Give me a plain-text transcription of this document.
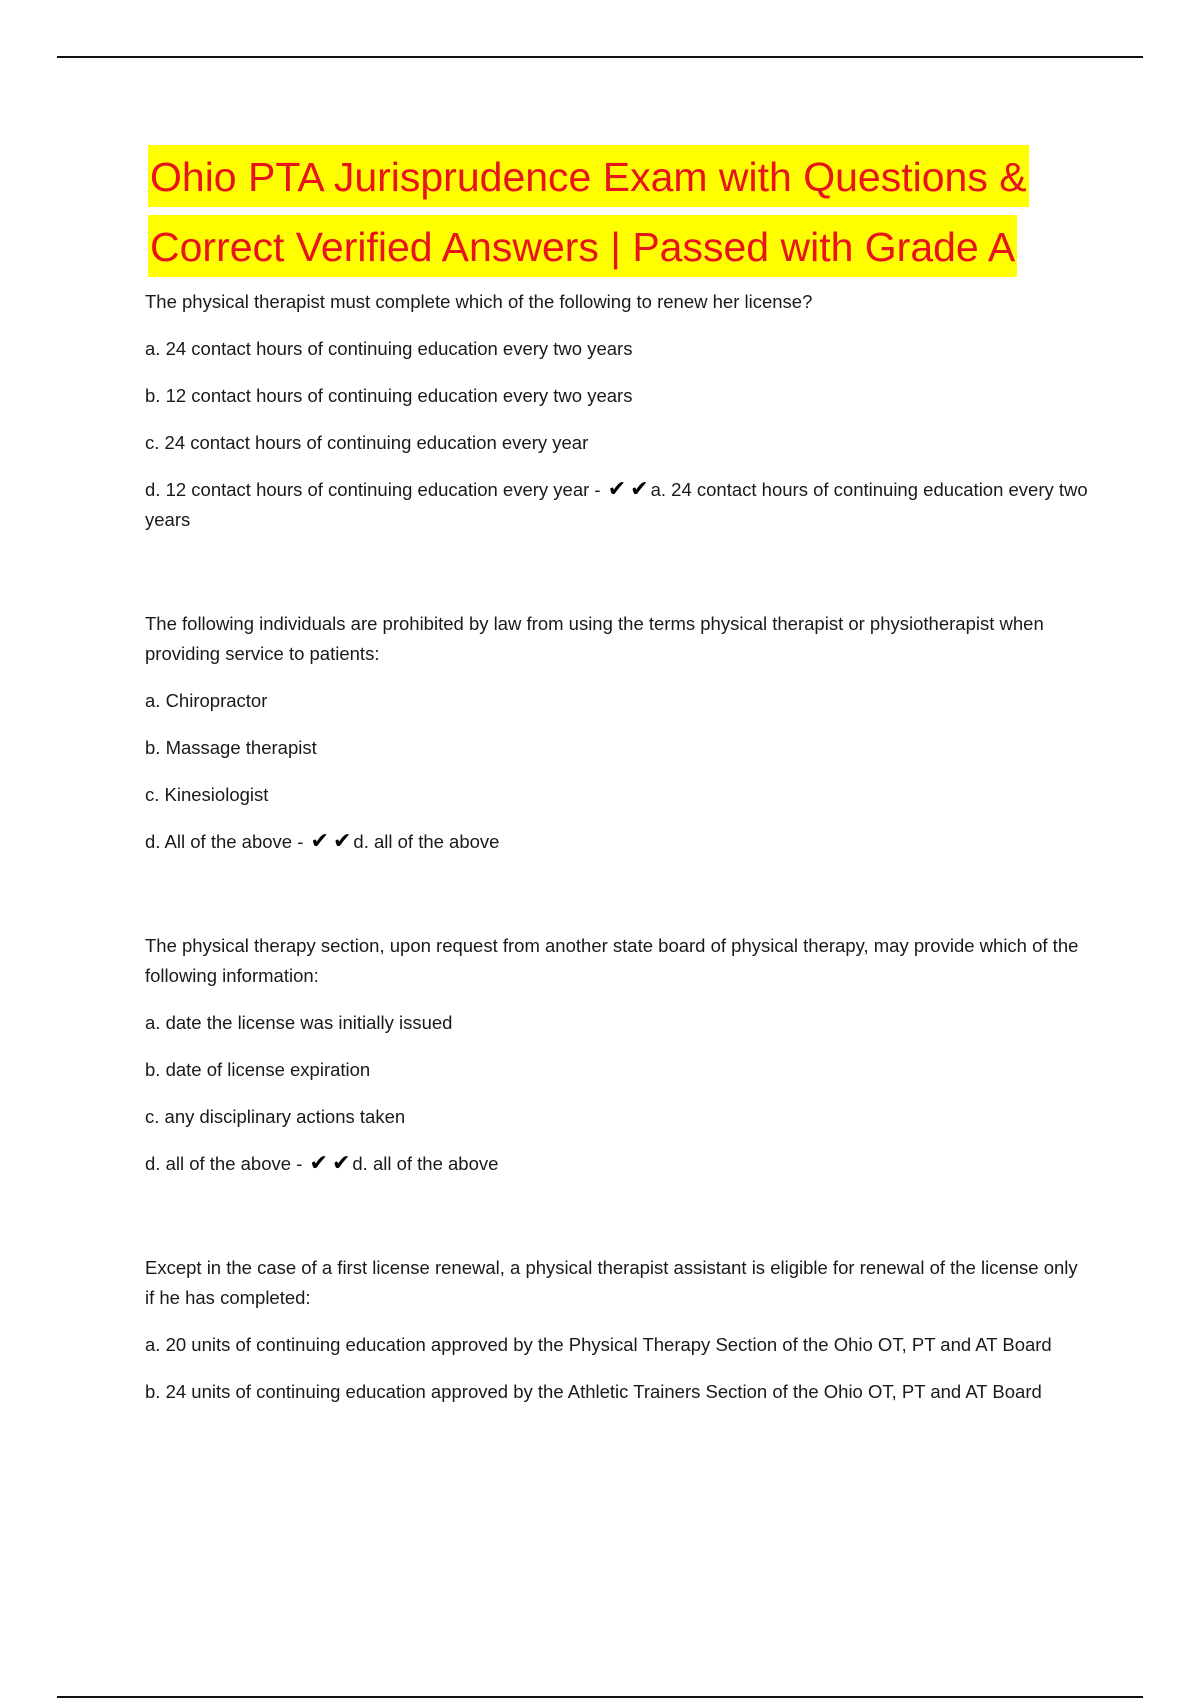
Ohio PTA Jurisprudence Exam with Questions &
Correct Verified Answers | Passed with Grade A

The physical therapist must complete which of the following to renew her license?

a. 24 contact hours of continuing education every two years

b. 12 contact hours of continuing education every two years

c. 24 contact hours of continuing education every year

d. 12 contact hours of continuing education every year - ✔ ✔ a. 24 contact hours of continuing education every two years

The following individuals are prohibited by law from using the terms physical therapist or physiotherapist when providing service to patients:

a. Chiropractor

b. Massage therapist

c. Kinesiologist

d. All of the above - ✔ ✔ d. all of the above

The physical therapy section, upon request from another state board of physical therapy, may provide which of the following information:

a. date the license was initially issued

b. date of license expiration

c. any disciplinary actions taken

d. all of the above - ✔ ✔ d. all of the above

Except in the case of a first license renewal, a physical therapist assistant is eligible for renewal of the license only if he has completed:

a. 20 units of continuing education approved by the Physical Therapy Section of the Ohio OT, PT and AT Board

b. 24 units of continuing education approved by the Athletic Trainers Section of the Ohio OT, PT and AT Board
